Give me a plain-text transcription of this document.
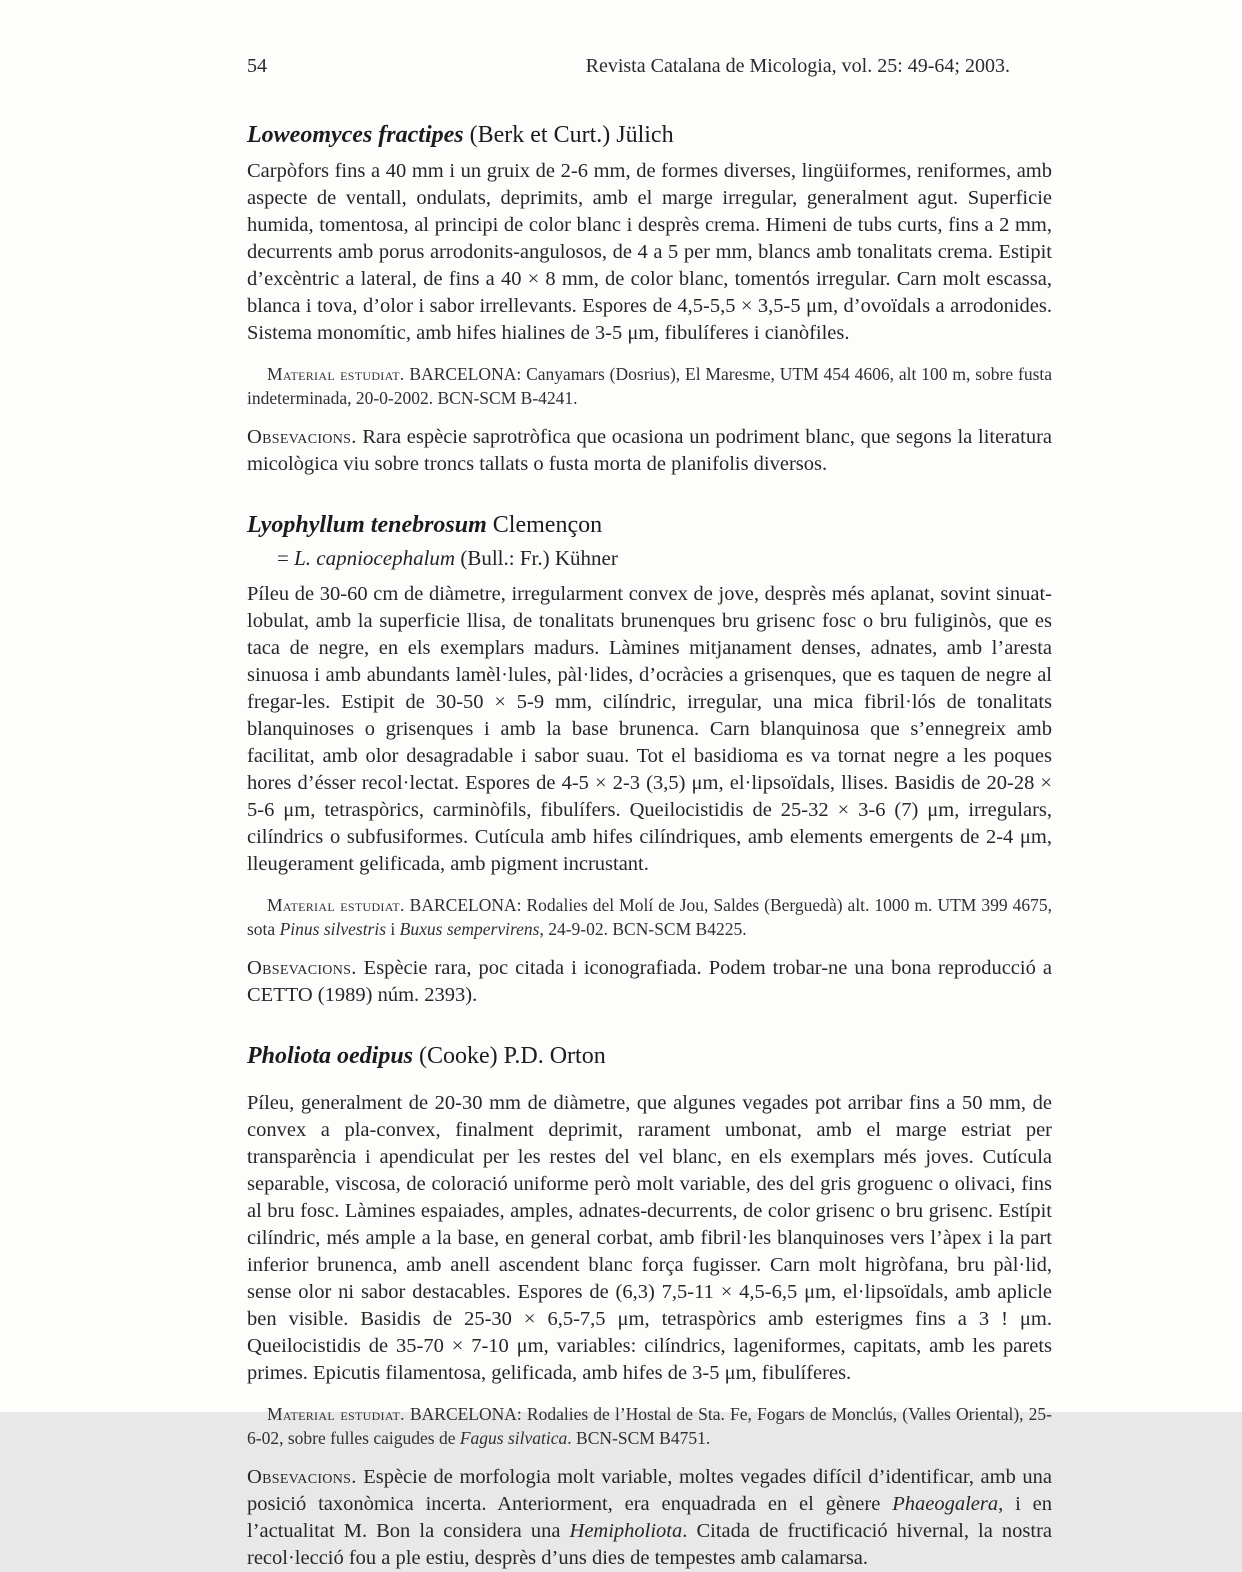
54	Revista Catalana de Micologia, vol. 25: 49-64; 2003.
Loweomyces fractipes (Berk et Curt.) Jülich

Carpòfors fins a 40 mm i un gruix de 2-6 mm, de formes diverses, lingüiformes, reniformes, amb aspecte de ventall, ondulats, deprimits, amb el marge irregular, generalment agut. Superficie humida, tomentosa, al principi de color blanc i desprès crema. Himeni de tubs curts, fins a 2 mm, decurrents amb porus arrodonits-angulosos, de 4 a 5 per mm, blancs amb tonalitats crema. Estipit d’excèntric a lateral, de fins a 40 × 8 mm, de color blanc, tomentós irregular. Carn molt escassa, blanca i tova, d’olor i sabor irrellevants. Espores de 4,5-5,5 × 3,5-5 μm, d’ovoïdals a arrodonides. Sistema monomític, amb hifes hialines de 3-5 μm, fibulíferes i cianòfiles.

Material estudiat. BARCELONA: Canyamars (Dosrius), El Maresme, UTM 454 4606, alt 100 m, sobre fusta indeterminada, 20-0-2002. BCN-SCM B-4241.

Obsevacions. Rara espècie saprotròfica que ocasiona un podriment blanc, que segons la literatura micològica viu sobre troncs tallats o fusta morta de planifolis diversos.

Lyophyllum tenebrosum Clemençon
= L. capniocephalum (Bull.: Fr.) Kühner

Píleu de 30-60 cm de diàmetre, irregularment convex de jove, desprès més aplanat, sovint sinuat-lobulat, amb la superficie llisa, de tonalitats brunenques bru grisenc fosc o bru fuliginòs, que es taca de negre, en els exemplars madurs. Làmines mitjanament denses, adnates, amb l’aresta sinuosa i amb abundants lamèl·lules, pàl·lides, d’ocràcies a grisenques, que es taquen de negre al fregar-les. Estipit de 30-50 × 5-9 mm, cilíndric, irregular, una mica fibril·lós de tonalitats blanquinoses o grisenques i amb la base brunenca. Carn blanquinosa que s’ennegreix amb facilitat, amb olor desagradable i sabor suau. Tot el basidioma es va tornat negre a les poques hores d’ésser recol·lectat. Espores de 4-5 × 2-3 (3,5) μm, el·lipsoïdals, llises. Basidis de 20-28 × 5-6 μm, tetraspòrics, carminòfils, fibulífers. Queilocistidis de 25-32 × 3-6 (7) μm, irregulars, cilíndrics o subfusiformes. Cutícula amb hifes cilíndriques, amb elements emergents de 2-4 μm, lleugerament gelificada, amb pigment incrustant.

Material estudiat. BARCELONA: Rodalies del Molí de Jou, Saldes (Berguedà) alt. 1000 m. UTM 399 4675, sota Pinus silvestris i Buxus sempervirens, 24-9-02. BCN-SCM B4225.

Obsevacions. Espècie rara, poc citada i iconografiada. Podem trobar-ne una bona reproducció a CETTO (1989) núm. 2393).

Pholiota oedipus (Cooke) P.D. Orton

Píleu, generalment de 20-30 mm de diàmetre, que algunes vegades pot arribar fins a 50 mm, de convex a pla-convex, finalment deprimit, rarament umbonat, amb el marge estriat per transparència i apendiculat per les restes del vel blanc, en els exemplars més joves. Cutícula separable, viscosa, de coloració uniforme però molt variable, des del gris groguenc o olivaci, fins al bru fosc. Làmines espaiades, amples, adnates-decurrents, de color grisenc o bru grisenc. Estípit cilíndric, més ample a la base, en general corbat, amb fibril·les blanquinoses vers l’àpex i la part inferior brunenca, amb anell ascendent blanc força fugisser. Carn molt higròfana, bru pàl·lid, sense olor ni sabor destacables. Espores de (6,3) 7,5-11 × 4,5-6,5 μm, el·lipsoïdals, amb aplicle ben visible. Basidis de 25-30 × 6,5-7,5 μm, tetraspòrics amb esterigmes fins a 3 ! μm. Queilocistidis de 35-70 × 7-10 μm, variables: cilíndrics, lageniformes, capitats, amb les parets primes. Epicutis filamentosa, gelificada, amb hifes de 3-5 μm, fibulíferes.

Material estudiat. BARCELONA: Rodalies de l’Hostal de Sta. Fe, Fogars de Monclús, (Valles Oriental), 25-6-02, sobre fulles caigudes de Fagus silvatica. BCN-SCM B4751.

Obsevacions. Espècie de morfologia molt variable, moltes vegades difícil d’identificar, amb una posició taxonòmica incerta. Anteriorment, era enquadrada en el gènere Phaeogalera, i en l’actualitat M. Bon la considera una Hemipholiota. Citada de fructificació hivernal, la nostra recol·lecció fou a ple estiu, desprès d’uns dies de tempestes amb calamarsa.
